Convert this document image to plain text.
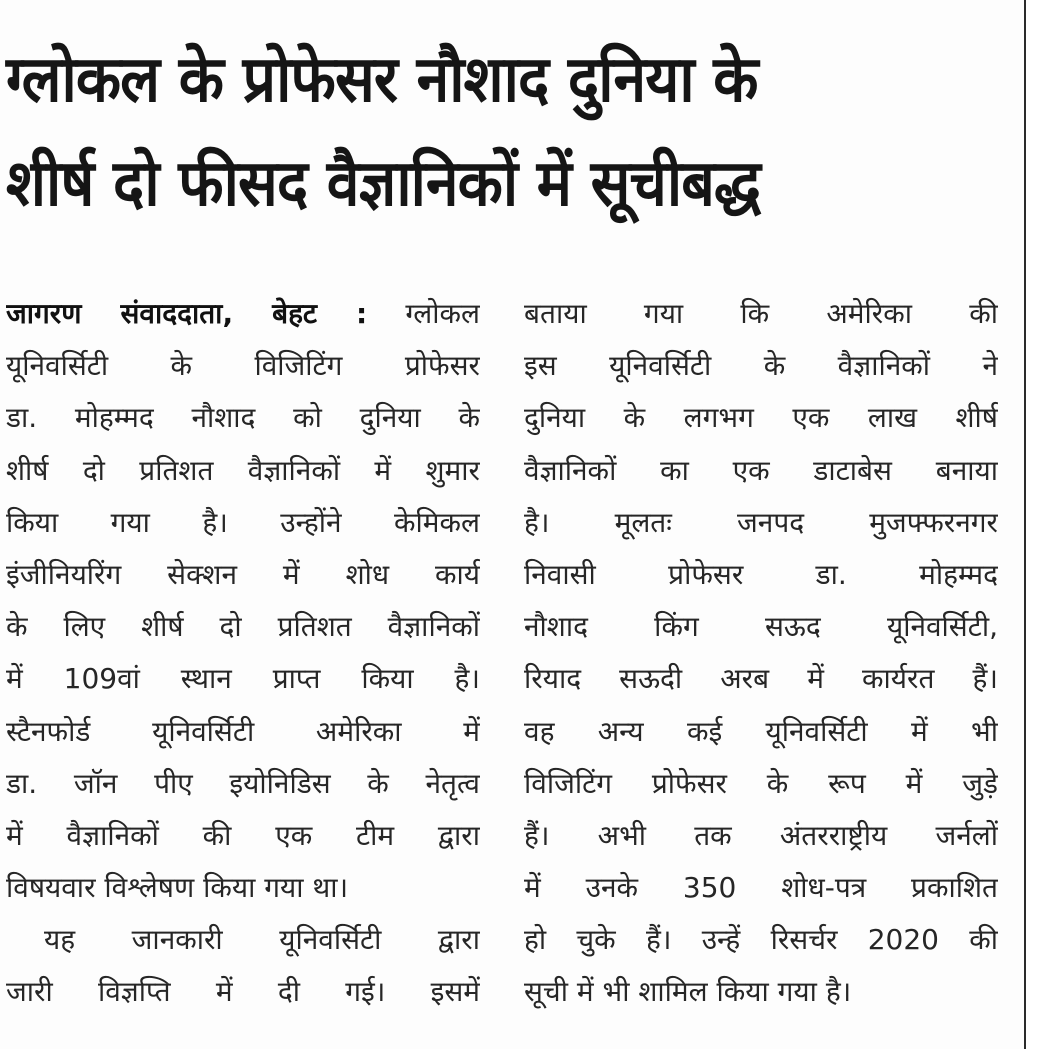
ग्लोकल के प्रोफेसर नौशाद दुनिया के
शीर्ष दो फीसद वैज्ञानिकों में सूचीबद्ध
जागरण संवाददाता, बेहट : ग्लोकल
यूनिवर्सिटी के विजिटिंग प्रोफेसर
डा. मोहम्मद नौशाद को दुनिया के
शीर्ष दो प्रतिशत वैज्ञानिकों में शुमार
किया गया है। उन्होंने केमिकल
इंजीनियरिंग सेक्शन में शोध कार्य
के लिए शीर्ष दो प्रतिशत वैज्ञानिकों
में 109वां स्थान प्राप्त किया है।
स्टैनफोर्ड यूनिवर्सिटी अमेरिका में
डा. जॉन पीए इयोनिडिस के नेतृत्व
में वैज्ञानिकों की एक टीम द्वारा
विषयवार विश्लेषण किया गया था।
यह जानकारी यूनिवर्सिटी द्वारा
जारी विज्ञप्ति में दी गई। इसमें
बताया गया कि अमेरिका की
इस यूनिवर्सिटी के वैज्ञानिकों ने
दुनिया के लगभग एक लाख शीर्ष
वैज्ञानिकों का एक डाटाबेस बनाया
है। मूलतः जनपद मुजफ्फरनगर
निवासी प्रोफेसर डा. मोहम्मद
नौशाद किंग सऊद यूनिवर्सिटी,
रियाद सऊदी अरब में कार्यरत हैं।
वह अन्य कई यूनिवर्सिटी में भी
विजिटिंग प्रोफेसर के रूप में जुड़े
हैं। अभी तक अंतरराष्ट्रीय जर्नलों
में उनके 350 शोध-पत्र प्रकाशित
हो चुके हैं। उन्हें रिसर्चर 2020 की
सूची में भी शामिल किया गया है।
